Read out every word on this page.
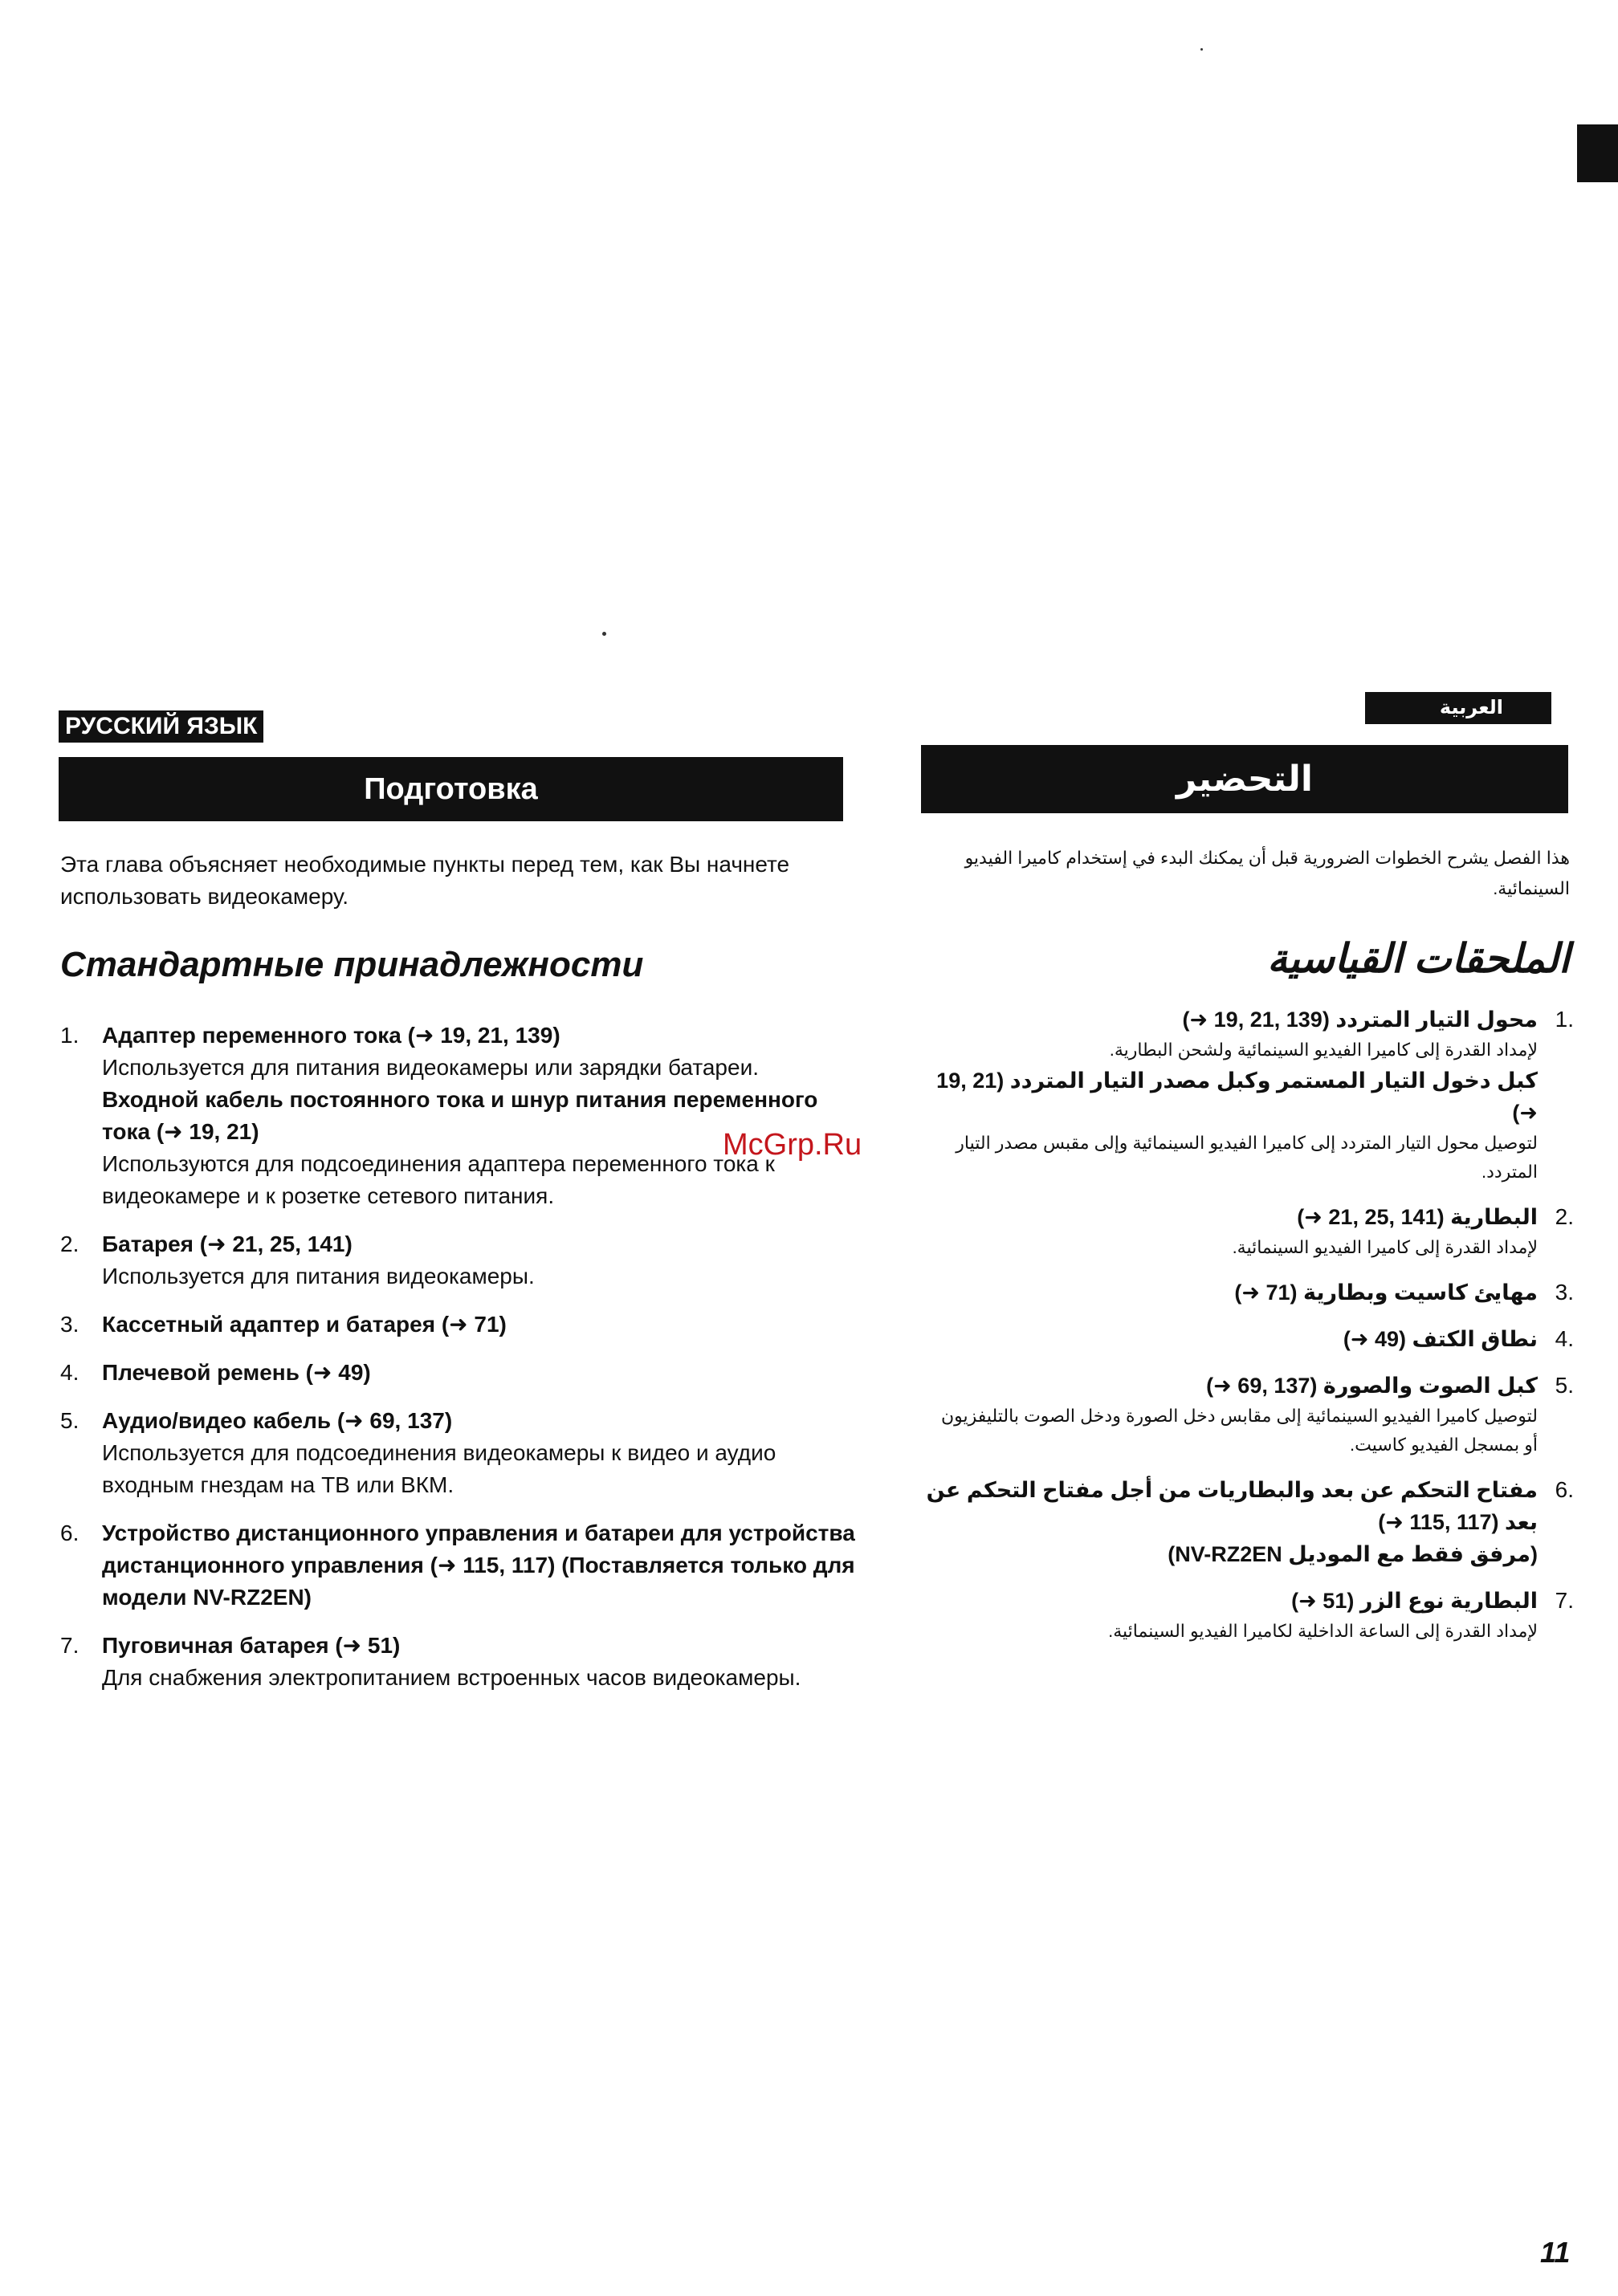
РУССКИЙ ЯЗЫК
Подготовка
Эта глава объясняет необходимые пункты перед тем, как Вы начнете использовать видеокамеру.
Стандартные принадлежности
1.	Адаптер переменного тока (➜ 19, 21, 139)
Используется для питания видеокамеры или зарядки батареи.
Входной кабель постоянного тока и шнур питания переменного тока (➜ 19, 21)
Используются для подсоединения адаптера переменного тока к видеокамере и к розетке сетевого питания.
2.	Батарея (➜ 21, 25, 141)
Используется для питания видеокамеры.
3.	Кассетный адаптер и батарея (➜ 71)
4.	Плечевой ремень (➜ 49)
5.	Аудио/видео кабель (➜ 69, 137)
Используется для подсоединения видеокамеры к видео и аудио входным гнездам на ТВ или ВКМ.
6.	Устройство дистанционного управления и батареи для устройства дистанционного управления (➜ 115, 117) (Поставляется только для модели NV-RZ2EN)
7.	Пуговичная батарея (➜ 51)
Для снабжения электропитанием встроенных часов видеокамеры.
McGrp.Ru
العربية
التحضير
هذا الفصل يشرح الخطوات الضرورية قبل أن يمكنك البدء في إستخدام كاميرا الفيديو السينمائية.
الملحقات القياسية
.1
محول التيار المتردد (139 ,21 ,19 ➜)
لإمداد القدرة إلى كاميرا الفيديو السينمائية ولشحن البطارية.
كبل دخول التيار المستمر وكبل مصدر التيار المتردد (21 ,19 ➜)
لتوصيل محول التيار المتردد إلى كاميرا الفيديو السينمائية وإلى مقبس مصدر التيار المتردد.
.2
البطارية (141 ,25 ,21 ➜)
لإمداد القدرة إلى كاميرا الفيديو السينمائية.
.3
مهايئ كاسيت وبطارية (71 ➜)
.4
نطاق الكتف (49 ➜)
.5
كبل الصوت والصورة (137 ,69 ➜)
لتوصيل كاميرا الفيديو السينمائية إلى مقابس دخل الصورة ودخل الصوت بالتليفزيون أو بمسجل الفيديو كاسيت.
.6
مفتاح التحكم عن بعد والبطاريات من أجل مفتاح التحكم عن بعد (117 ,115 ➜)
(مرفق فقط مع الموديل NV-RZ2EN)
.7
البطارية نوع الزر (51 ➜)
لإمداد القدرة إلى الساعة الداخلية لكاميرا الفيديو السينمائية.
11
